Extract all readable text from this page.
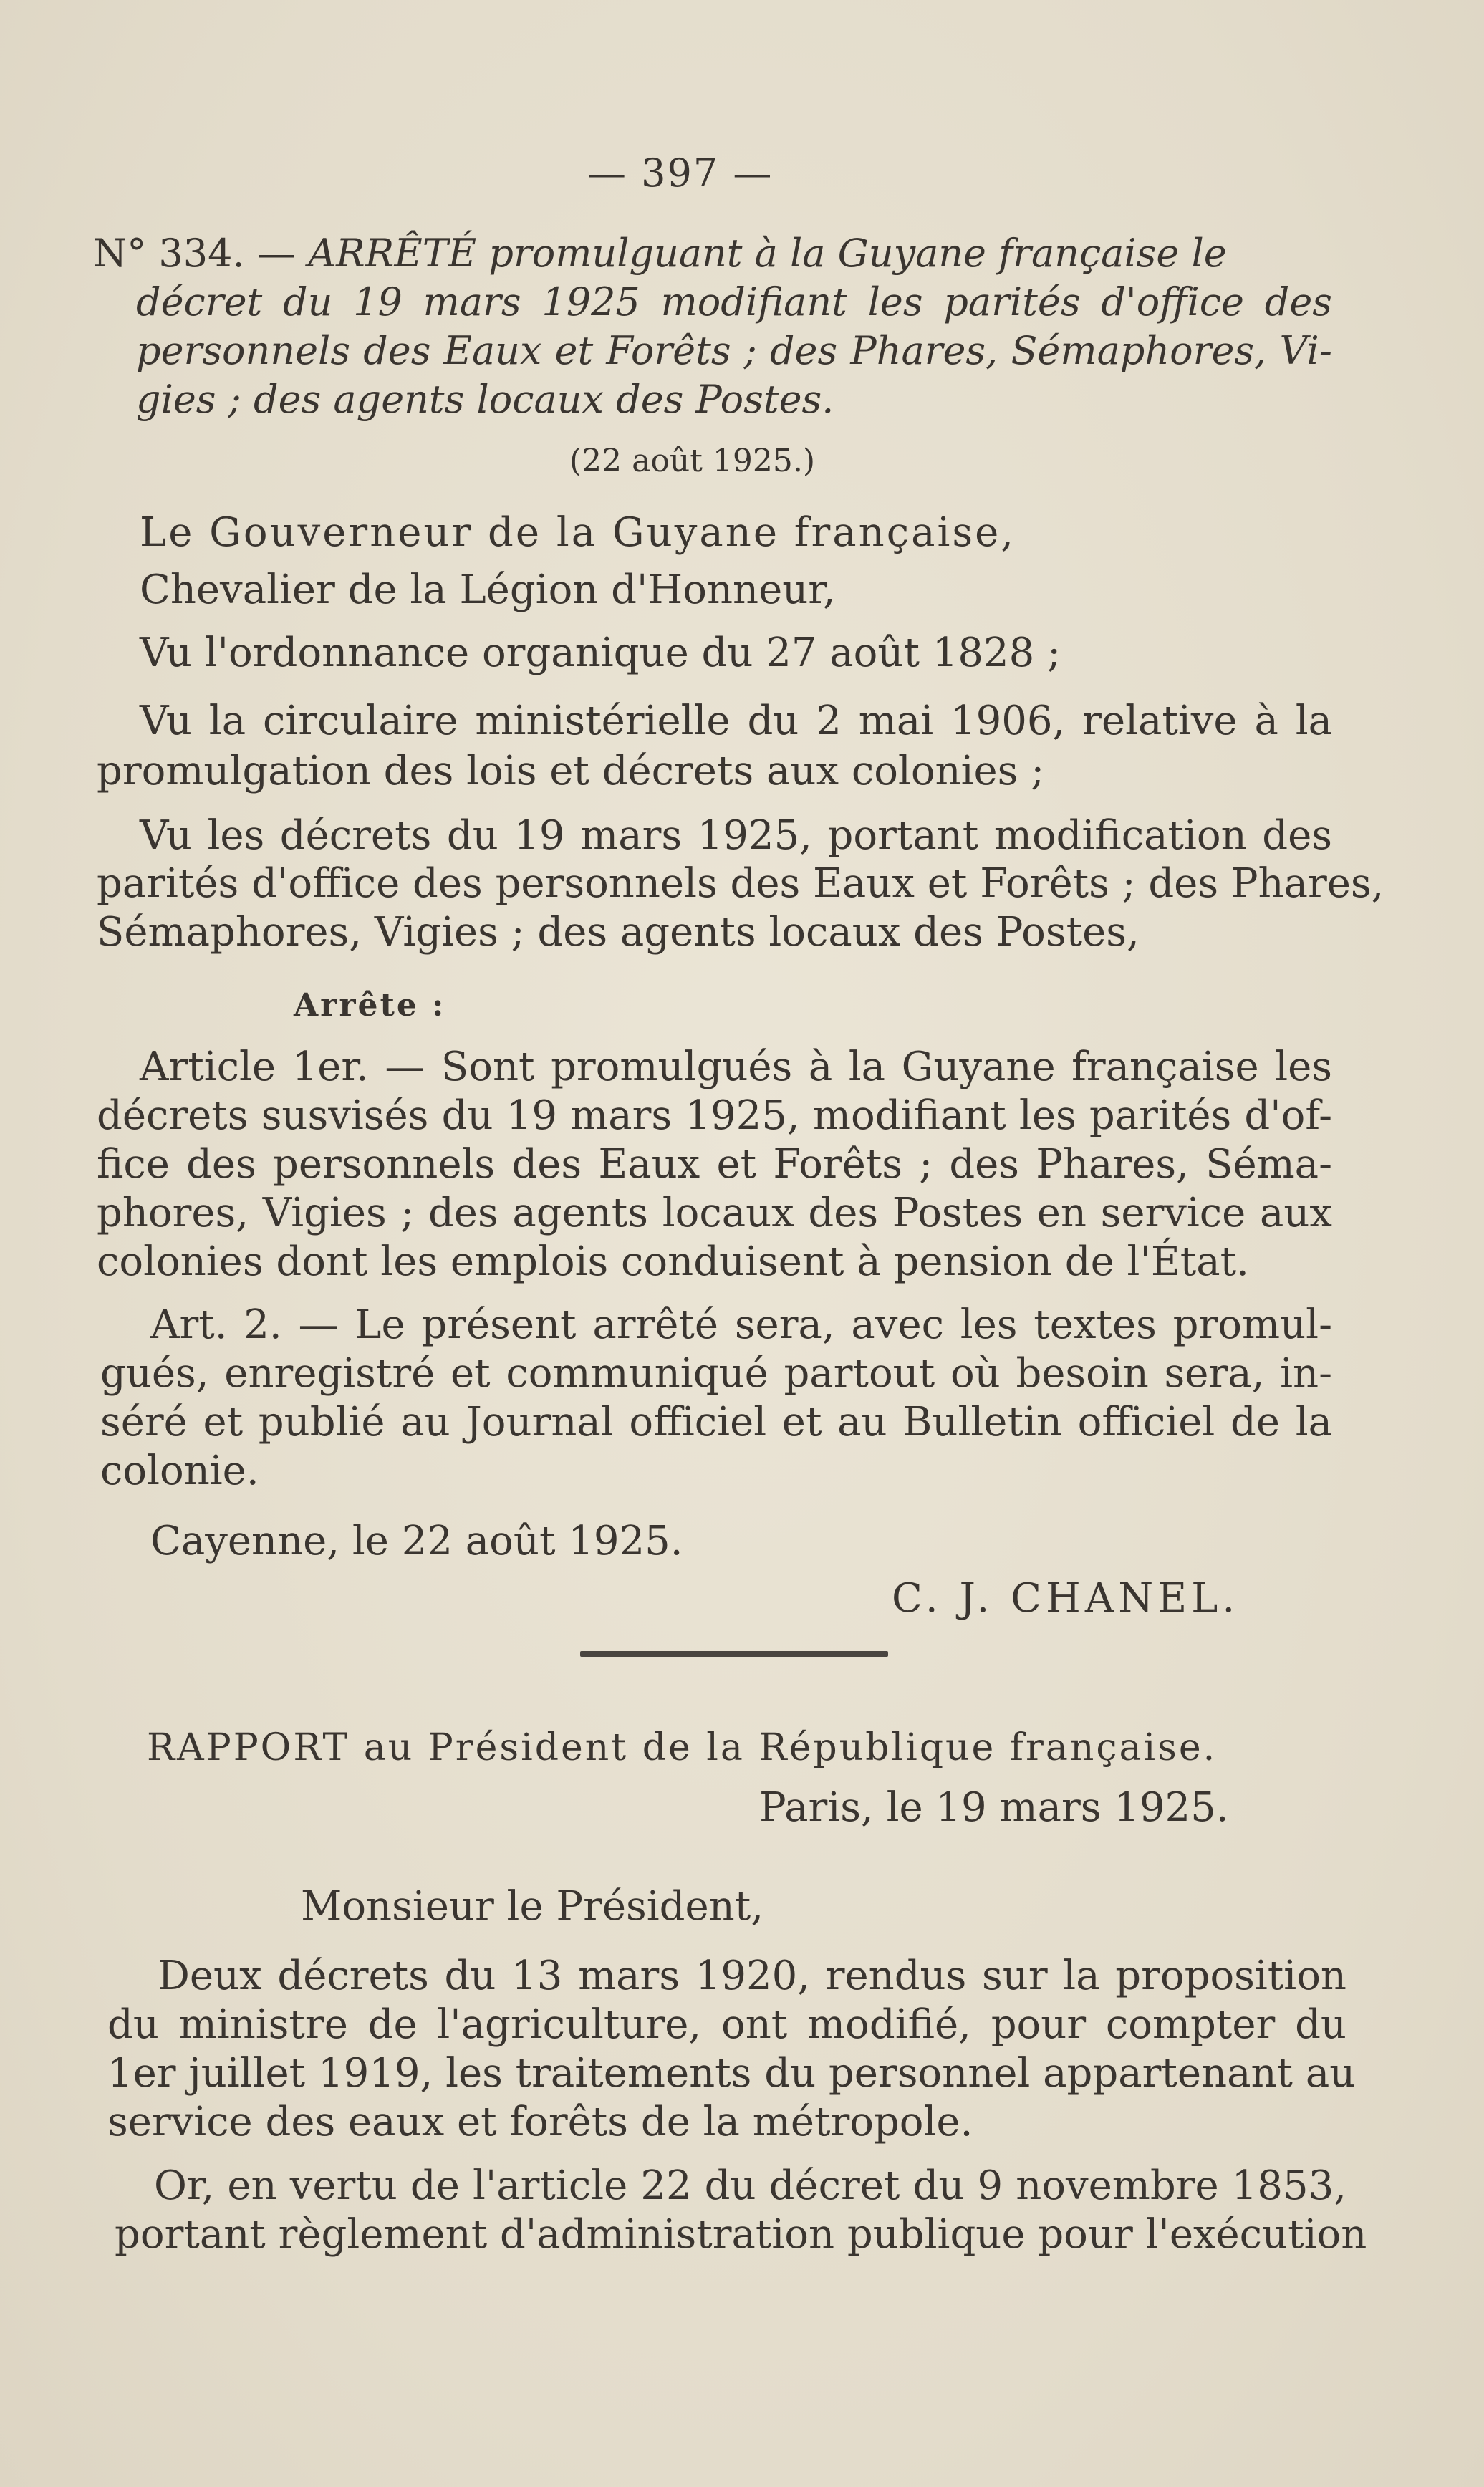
— 397 —
N° 334. — ARRÊTÉ promulguant à la Guyane française le
décret du 19 mars 1925 modifiant les parités d'office des
personnels des Eaux et Forêts ; des Phares, Sémaphores, Vi-
gies ; des agents locaux des Postes.
(22 août 1925.)
Le Gouverneur de la Guyane française,
Chevalier de la Légion d'Honneur,
Vu l'ordonnance organique du 27 août 1828 ;
Vu la circulaire ministérielle du 2 mai 1906, relative à la
promulgation des lois et décrets aux colonies ;
Vu les décrets du 19 mars 1925, portant modification des
parités d'office des personnels des Eaux et Forêts ; des Phares,
Sémaphores, Vigies ; des agents locaux des Postes,
Arrête :
Article 1er. — Sont promulgués à la Guyane française les
décrets susvisés du 19 mars 1925, modifiant les parités d'of-
fice des personnels des Eaux et Forêts ; des Phares, Séma-
phores, Vigies ; des agents locaux des Postes en service aux
colonies dont les emplois conduisent à pension de l'État.
Art. 2. — Le présent arrêté sera, avec les textes promul-
gués, enregistré et communiqué partout où besoin sera, in-
séré et publié au Journal officiel et au Bulletin officiel de la
colonie.
Cayenne, le 22 août 1925.
C. J. CHANEL.
RAPPORT au Président de la République française.
Paris, le 19 mars 1925.
Monsieur le Président,
Deux décrets du 13 mars 1920, rendus sur la proposition
du ministre de l'agriculture, ont modifié, pour compter du
1er juillet 1919, les traitements du personnel appartenant au
service des eaux et forêts de la métropole.
Or, en vertu de l'article 22 du décret du 9 novembre 1853,
portant règlement d'administration publique pour l'exécution
